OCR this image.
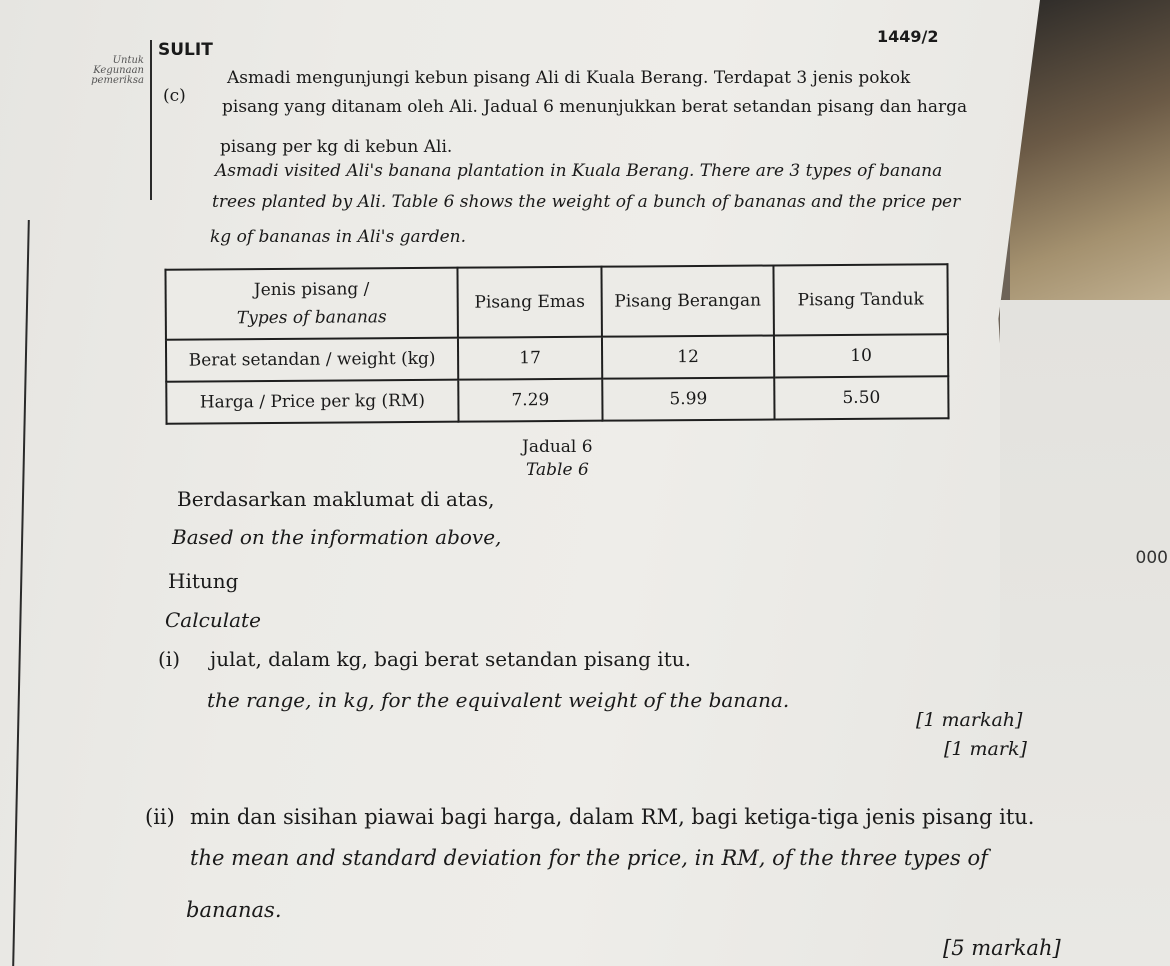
SULIT
1449/2
Untuk Kegunaan pemeriksa
(c)
Asmadi mengunjungi kebun pisang Ali di Kuala Berang. Terdapat 3 jenis pokok
pisang yang ditanam oleh Ali. Jadual 6 menunjukkan berat setandan pisang dan harga
pisang per kg di kebun Ali.
Asmadi visited Ali's banana plantation in Kuala Berang. There are 3 types of banana
trees planted by Ali. Table 6 shows the weight of a bunch of bananas and the price per
kg of bananas in Ali's garden.
Jenis pisang /
Types of bananas	Pisang Emas	Pisang Berangan	Pisang Tanduk
Berat setandan / weight (kg)	17	12	10
Harga / Price per kg (RM)	7.29	5.99	5.50
Jadual 6
Table 6
Berdasarkan maklumat di atas,
Based on the information above,
Hitung
Calculate
(i) julat, dalam kg, bagi berat setandan pisang itu.
the range, in kg, for the equivalent weight of the banana.
[1 markah]
[1 mark]
(ii) min dan sisihan piawai bagi harga, dalam RM, bagi ketiga-tiga jenis pisang itu.
the mean and standard deviation for the price, in RM, of the three types of
bananas.
[5 markah]
000
